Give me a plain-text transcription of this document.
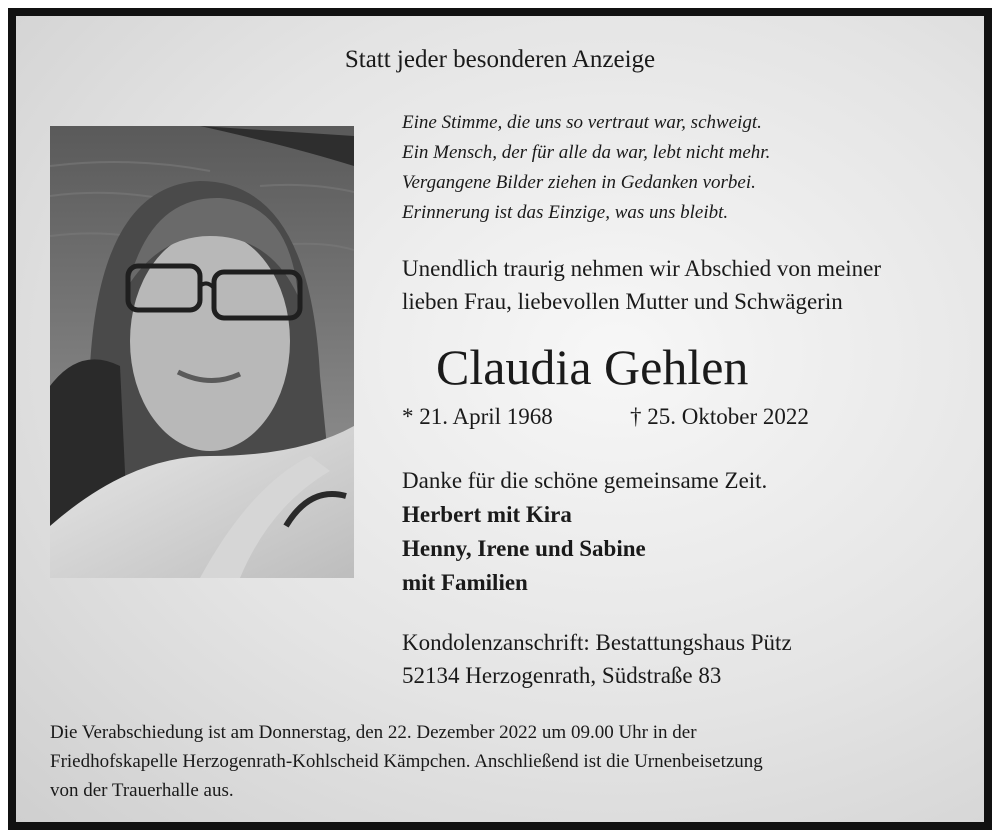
Statt jeder besonderen Anzeige

Eine Stimme, die uns so vertraut war, schweigt.
Ein Mensch, der für alle da war, lebt nicht mehr.
Vergangene Bilder ziehen in Gedanken vorbei.
Erinnerung ist das Einzige, was uns bleibt.
Unendlich traurig nehmen wir Abschied von meiner
lieben Frau, liebevollen Mutter und Schwägerin

Claudia Gehlen

* 21. April 1968	† 25. Oktober 2022
Danke für die schöne gemeinsame Zeit.
Herbert mit Kira
Henny, Irene und Sabine
mit Familien
Kondolenzanschrift: Bestattungshaus Pütz
52134 Herzogenrath, Südstraße 83
Die Verabschiedung ist am Donnerstag, den 22. Dezember 2022 um 09.00 Uhr in der
Friedhofskapelle Herzogenrath-Kohlscheid Kämpchen. Anschließend ist die Urnenbeisetzung
von der Trauerhalle aus.
